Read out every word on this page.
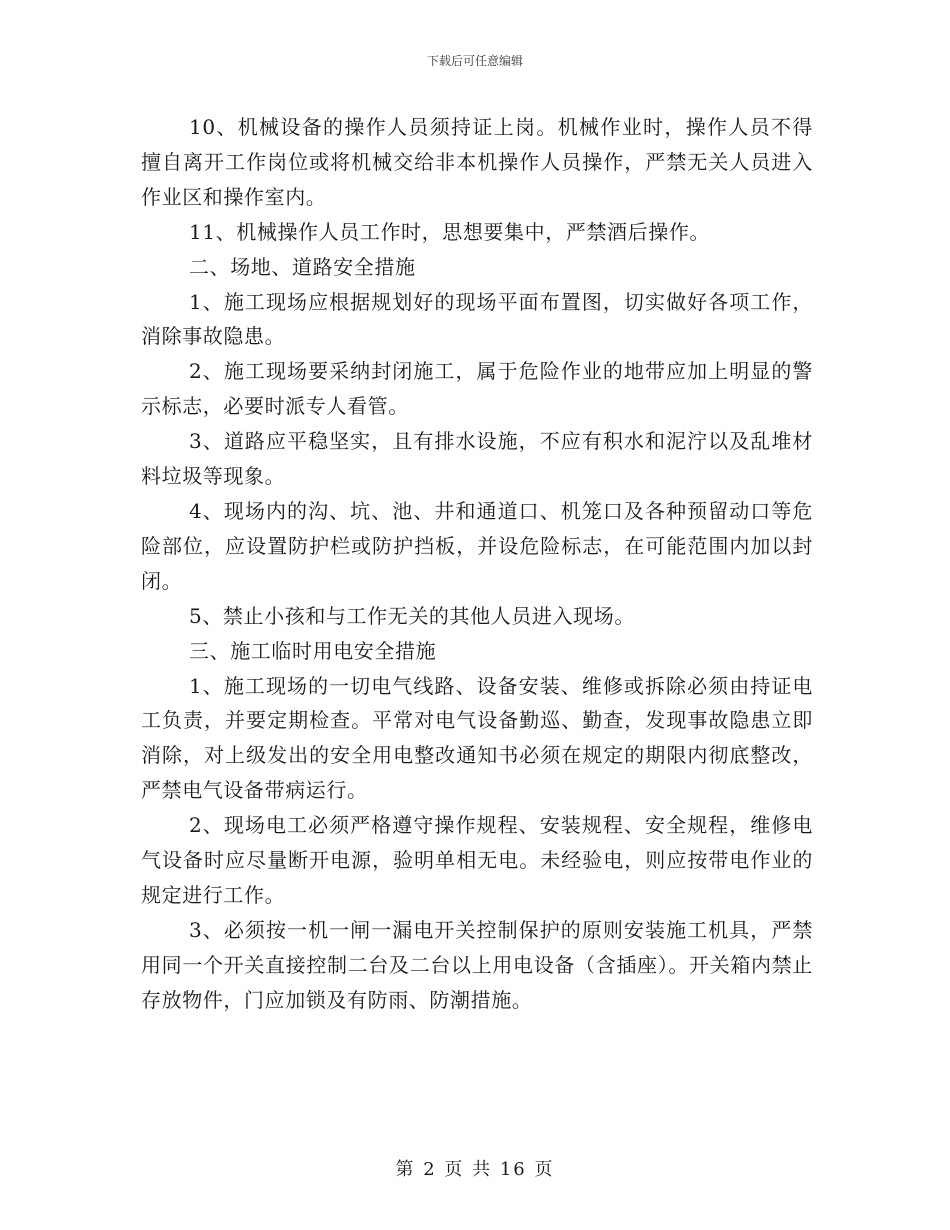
下载后可任意编辑

10、机械设备的操作人员须持证上岗。机械作业时，操作人员不得擅自离开工作岗位或将机械交给非本机操作人员操作，严禁无关人员进入作业区和操作室内。

11、机械操作人员工作时，思想要集中，严禁酒后操作。

二、场地、道路安全措施

1、施工现场应根据规划好的现场平面布置图，切实做好各项工作，消除事故隐患。

2、施工现场要采纳封闭施工，属于危险作业的地带应加上明显的警示标志，必要时派专人看管。

3、道路应平稳坚实，且有排水设施，不应有积水和泥泞以及乱堆材料垃圾等现象。

4、现场内的沟、坑、池、井和通道口、机笼口及各种预留动口等危险部位，应设置防护栏或防护挡板，并设危险标志，在可能范围内加以封闭。

5、禁止小孩和与工作无关的其他人员进入现场。

三、施工临时用电安全措施

1、施工现场的一切电气线路、设备安装、维修或拆除必须由持证电工负责，并要定期检查。平常对电气设备勤巡、勤查，发现事故隐患立即消除，对上级发出的安全用电整改通知书必须在规定的期限内彻底整改，严禁电气设备带病运行。

2、现场电工必须严格遵守操作规程、安装规程、安全规程，维修电气设备时应尽量断开电源，验明单相无电。未经验电，则应按带电作业的规定进行工作。

3、必须按一机一闸一漏电开关控制保护的原则安装施工机具，严禁用同一个开关直接控制二台及二台以上用电设备（含插座）。开关箱内禁止存放物件，门应加锁及有防雨、防潮措施。

第 2 页 共 16 页
